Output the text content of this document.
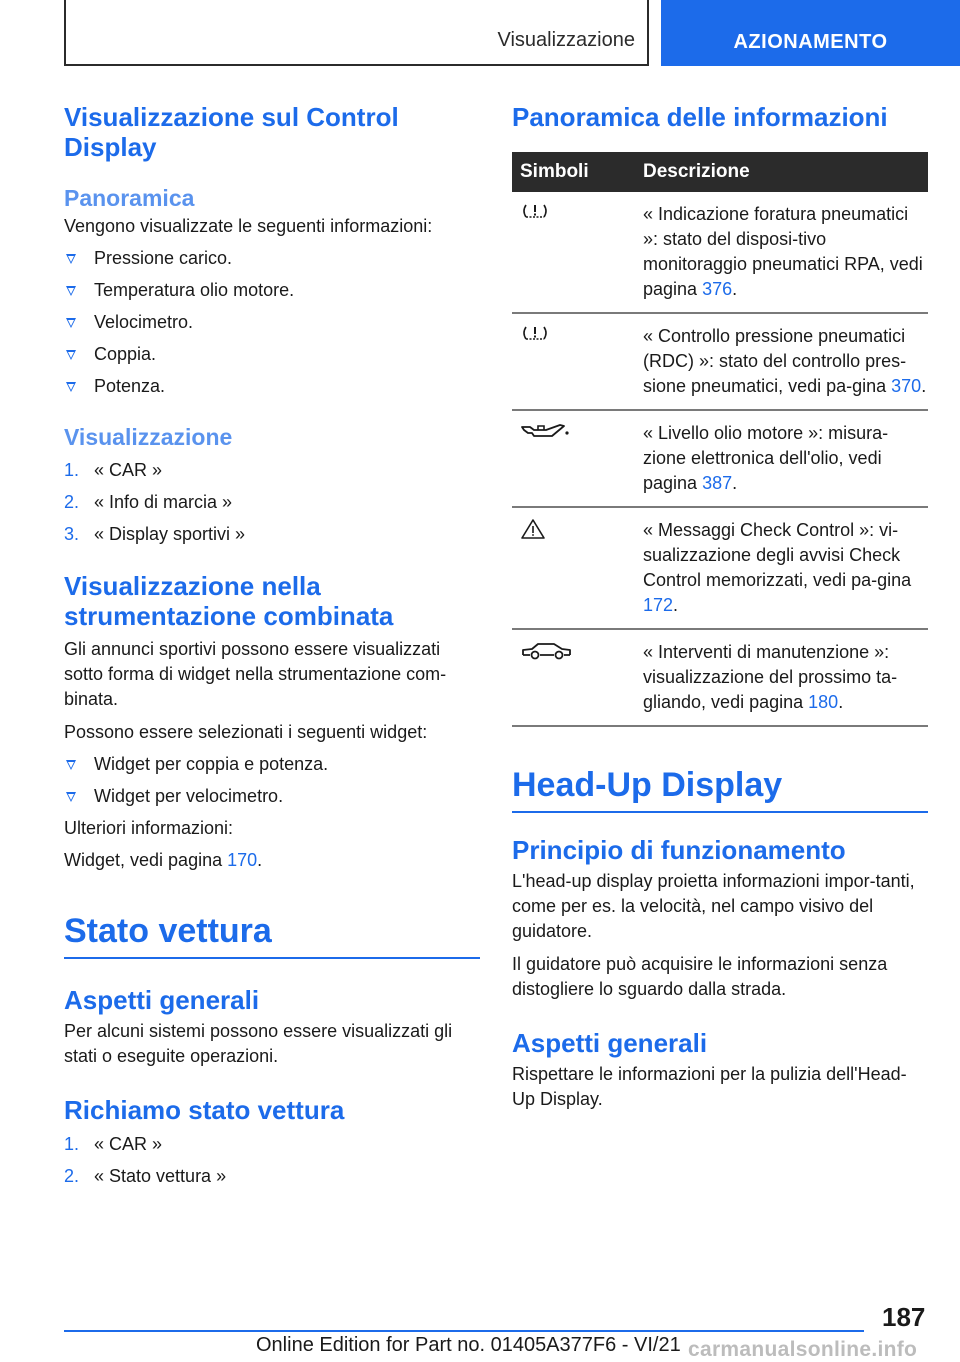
Visualizzazione	AZIONAMENTO
Visualizzazione sul Control Display
Panoramica
Vengono visualizzate le seguenti informazioni:
Pressione carico.
Temperatura olio motore.
Velocimetro.
Coppia.
Potenza.
Visualizzazione
1. « CAR »
2. « Info di marcia »
3. « Display sportivi »
Visualizzazione nella strumentazione combinata
Gli annunci sportivi possono essere visualizzati sotto forma di widget nella strumentazione com-binata.
Possono essere selezionati i seguenti widget:
Widget per coppia e potenza.
Widget per velocimetro.
Ulteriori informazioni:
Widget, vedi pagina 170.
Stato vettura
Aspetti generali
Per alcuni sistemi possono essere visualizzati gli stati o eseguite operazioni.
Richiamo stato vettura
1. « CAR »
2. « Stato vettura »
Panoramica delle informazioni
Simboli	Descrizione
« Indicazione foratura pneumatici »: stato del disposi-tivo monitoraggio pneumatici RPA, vedi pagina 376.
« Controllo pressione pneumatici (RDC) »: stato del controllo pres-sione pneumatici, vedi pa-gina 370.
« Livello olio motore »: misura-zione elettronica dell'olio, vedi pagina 387.
« Messaggi Check Control »: vi-sualizzazione degli avvisi Check Control memorizzati, vedi pa-gina 172.
« Interventi di manutenzione »: visualizzazione del prossimo ta-gliando, vedi pagina 180.
Head-Up Display
Principio di funzionamento
L'head-up display proietta informazioni impor-tanti, come per es. la velocità, nel campo visivo del guidatore.
Il guidatore può acquisire le informazioni senza distogliere lo sguardo dalla strada.
Aspetti generali
Rispettare le informazioni per la pulizia dell'Head-Up Display.
187
Online Edition for Part no. 01405A377F6 - VI/21 carmanualsonline.info
